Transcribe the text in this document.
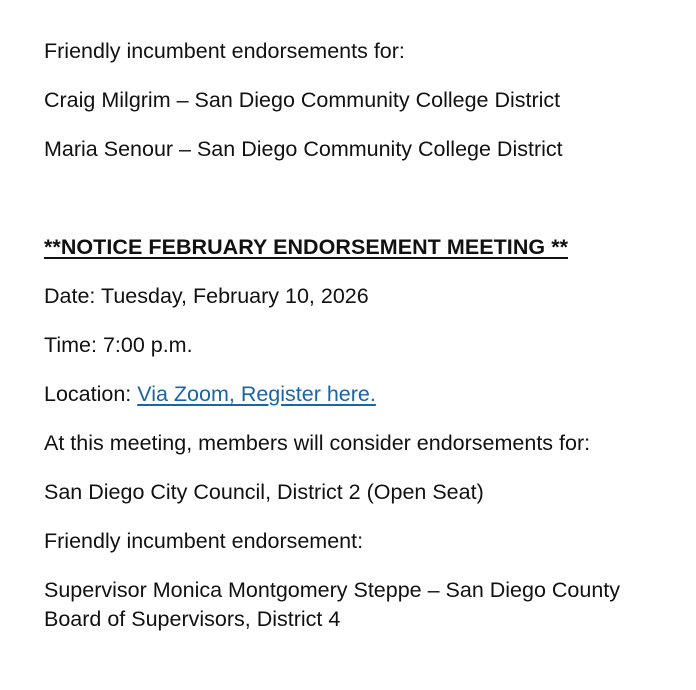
Friendly incumbent endorsements for:

Craig Milgrim – San Diego Community College District

Maria Senour – San Diego Community College District

**NOTICE FEBRUARY ENDORSEMENT MEETING **

Date: Tuesday, February 10, 2026

Time: 7:00 p.m.

Location: Via Zoom, Register here.

At this meeting, members will consider endorsements for:

San Diego City Council, District 2 (Open Seat)

Friendly incumbent endorsement:

Supervisor Monica Montgomery Steppe – San Diego County Board of Supervisors, District 4
